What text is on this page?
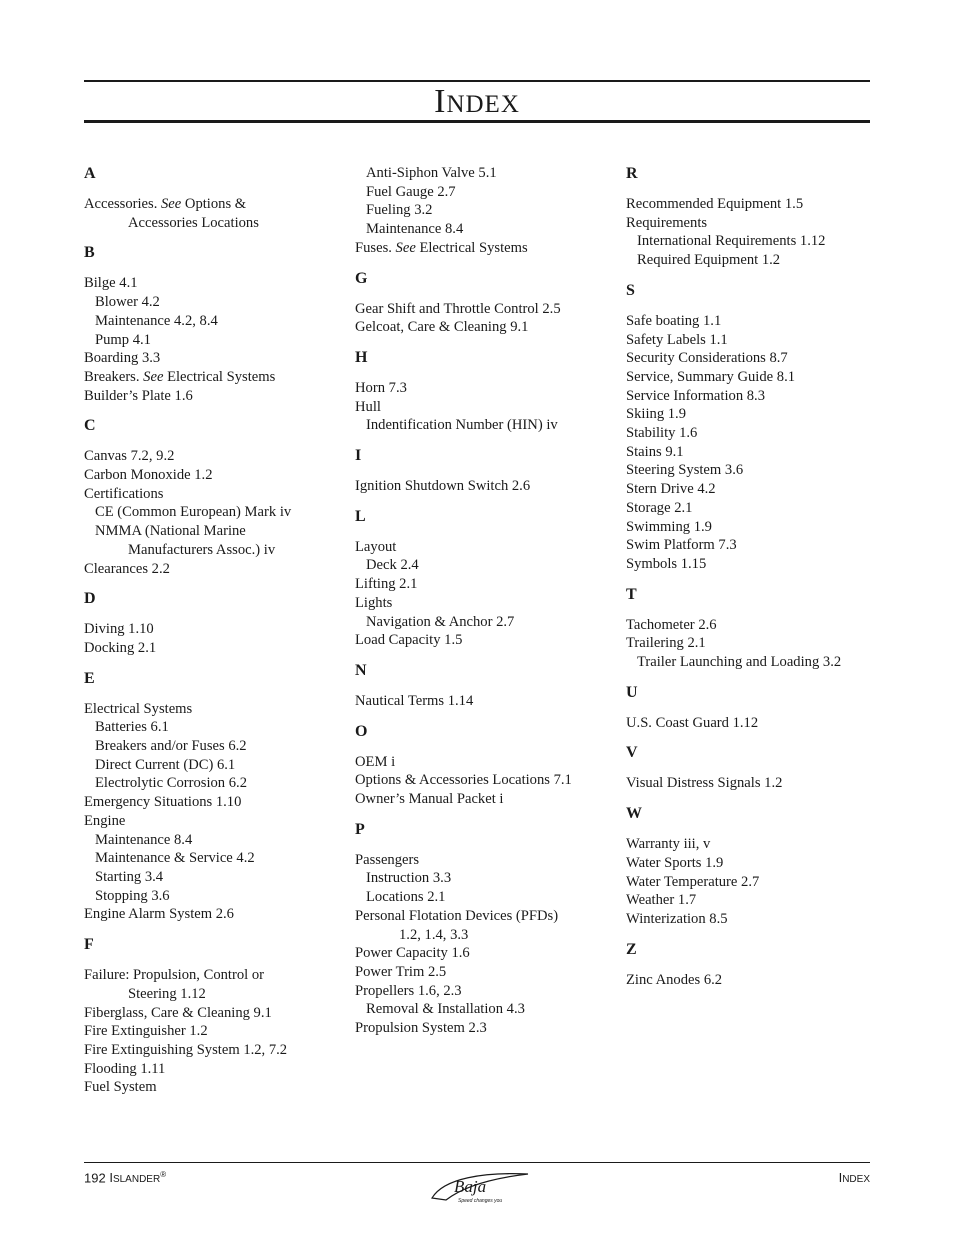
INDEX
A
Accessories. See Options &
Accessories Locations
B
Bilge 4.1
Blower 4.2
Maintenance 4.2, 8.4
Pump 4.1
Boarding 3.3
Breakers. See Electrical Systems
Builder’s Plate 1.6
C
Canvas 7.2, 9.2
Carbon Monoxide 1.2
Certifications
CE (Common European) Mark iv
NMMA (National Marine
Manufacturers Assoc.) iv
Clearances 2.2
D
Diving 1.10
Docking 2.1
E
Electrical Systems
Batteries 6.1
Breakers and/or Fuses 6.2
Direct Current (DC) 6.1
Electrolytic Corrosion 6.2
Emergency Situations 1.10
Engine
Maintenance 8.4
Maintenance & Service 4.2
Starting 3.4
Stopping 3.6
Engine Alarm System 2.6
F
Failure: Propulsion, Control or
Steering 1.12
Fiberglass, Care & Cleaning 9.1
Fire Extinguisher 1.2
Fire Extinguishing System 1.2, 7.2
Flooding 1.11
Fuel System
Anti-Siphon Valve 5.1
Fuel Gauge 2.7
Fueling 3.2
Maintenance 8.4
Fuses. See Electrical Systems
G
Gear Shift and Throttle Control 2.5
Gelcoat, Care & Cleaning 9.1
H
Horn 7.3
Hull
Indentification Number (HIN) iv
I
Ignition Shutdown Switch 2.6
L
Layout
Deck 2.4
Lifting 2.1
Lights
Navigation & Anchor 2.7
Load Capacity 1.5
N
Nautical Terms 1.14
O
OEM i
Options & Accessories Locations 7.1
Owner’s Manual Packet i
P
Passengers
Instruction 3.3
Locations 2.1
Personal Flotation Devices (PFDs)
1.2, 1.4, 3.3
Power Capacity 1.6
Power Trim 2.5
Propellers 1.6, 2.3
Removal & Installation 4.3
Propulsion System 2.3
R
Recommended Equipment 1.5
Requirements
International Requirements 1.12
Required Equipment 1.2
S
Safe boating 1.1
Safety Labels 1.1
Security Considerations 8.7
Service, Summary Guide 8.1
Service Information 8.3
Skiing 1.9
Stability 1.6
Stains 9.1
Steering System 3.6
Stern Drive 4.2
Storage 2.1
Swimming 1.9
Swim Platform 7.3
Symbols 1.15
T
Tachometer 2.6
Trailering 2.1
Trailer Launching and Loading 3.2
U
U.S. Coast Guard 1.12
V
Visual Distress Signals 1.2
W
Warranty iii, v
Water Sports 1.9
Water Temperature 2.7
Weather 1.7
Winterization 8.5
Z
Zinc Anodes 6.2
192 ISLANDER®
Baja
Speed changes you
INDEX
